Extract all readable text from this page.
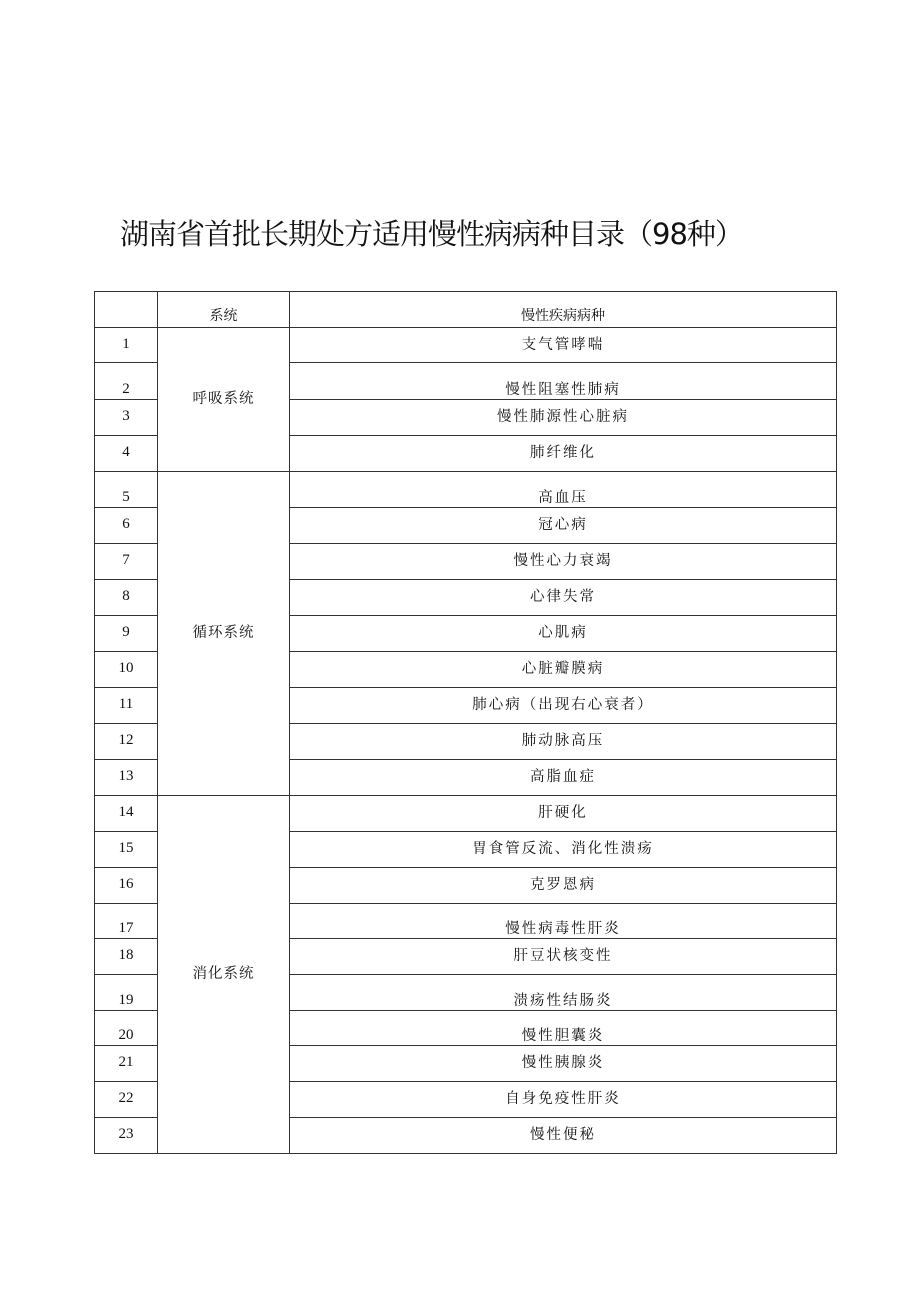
湖南省首批长期处方适用慢性病病种目录（98种）
	系统	慢性疾病病种
1	呼吸系统	支气管哮喘
2		慢性阻塞性肺病
3		慢性肺源性心脏病
4		肺纤维化
5	循环系统	高血压
6		冠心病
7		慢性心力衰竭
8		心律失常
9		心肌病
10		心脏瓣膜病
11		肺心病（出现右心衰者）
12		肺动脉高压
13		高脂血症
14	消化系统	肝硬化
15		胃食管反流、消化性溃疡
16		克罗恩病
17		慢性病毒性肝炎
18		肝豆状核变性
19		溃疡性结肠炎
20		慢性胆囊炎
21		慢性胰腺炎
22		自身免疫性肝炎
23		慢性便秘
